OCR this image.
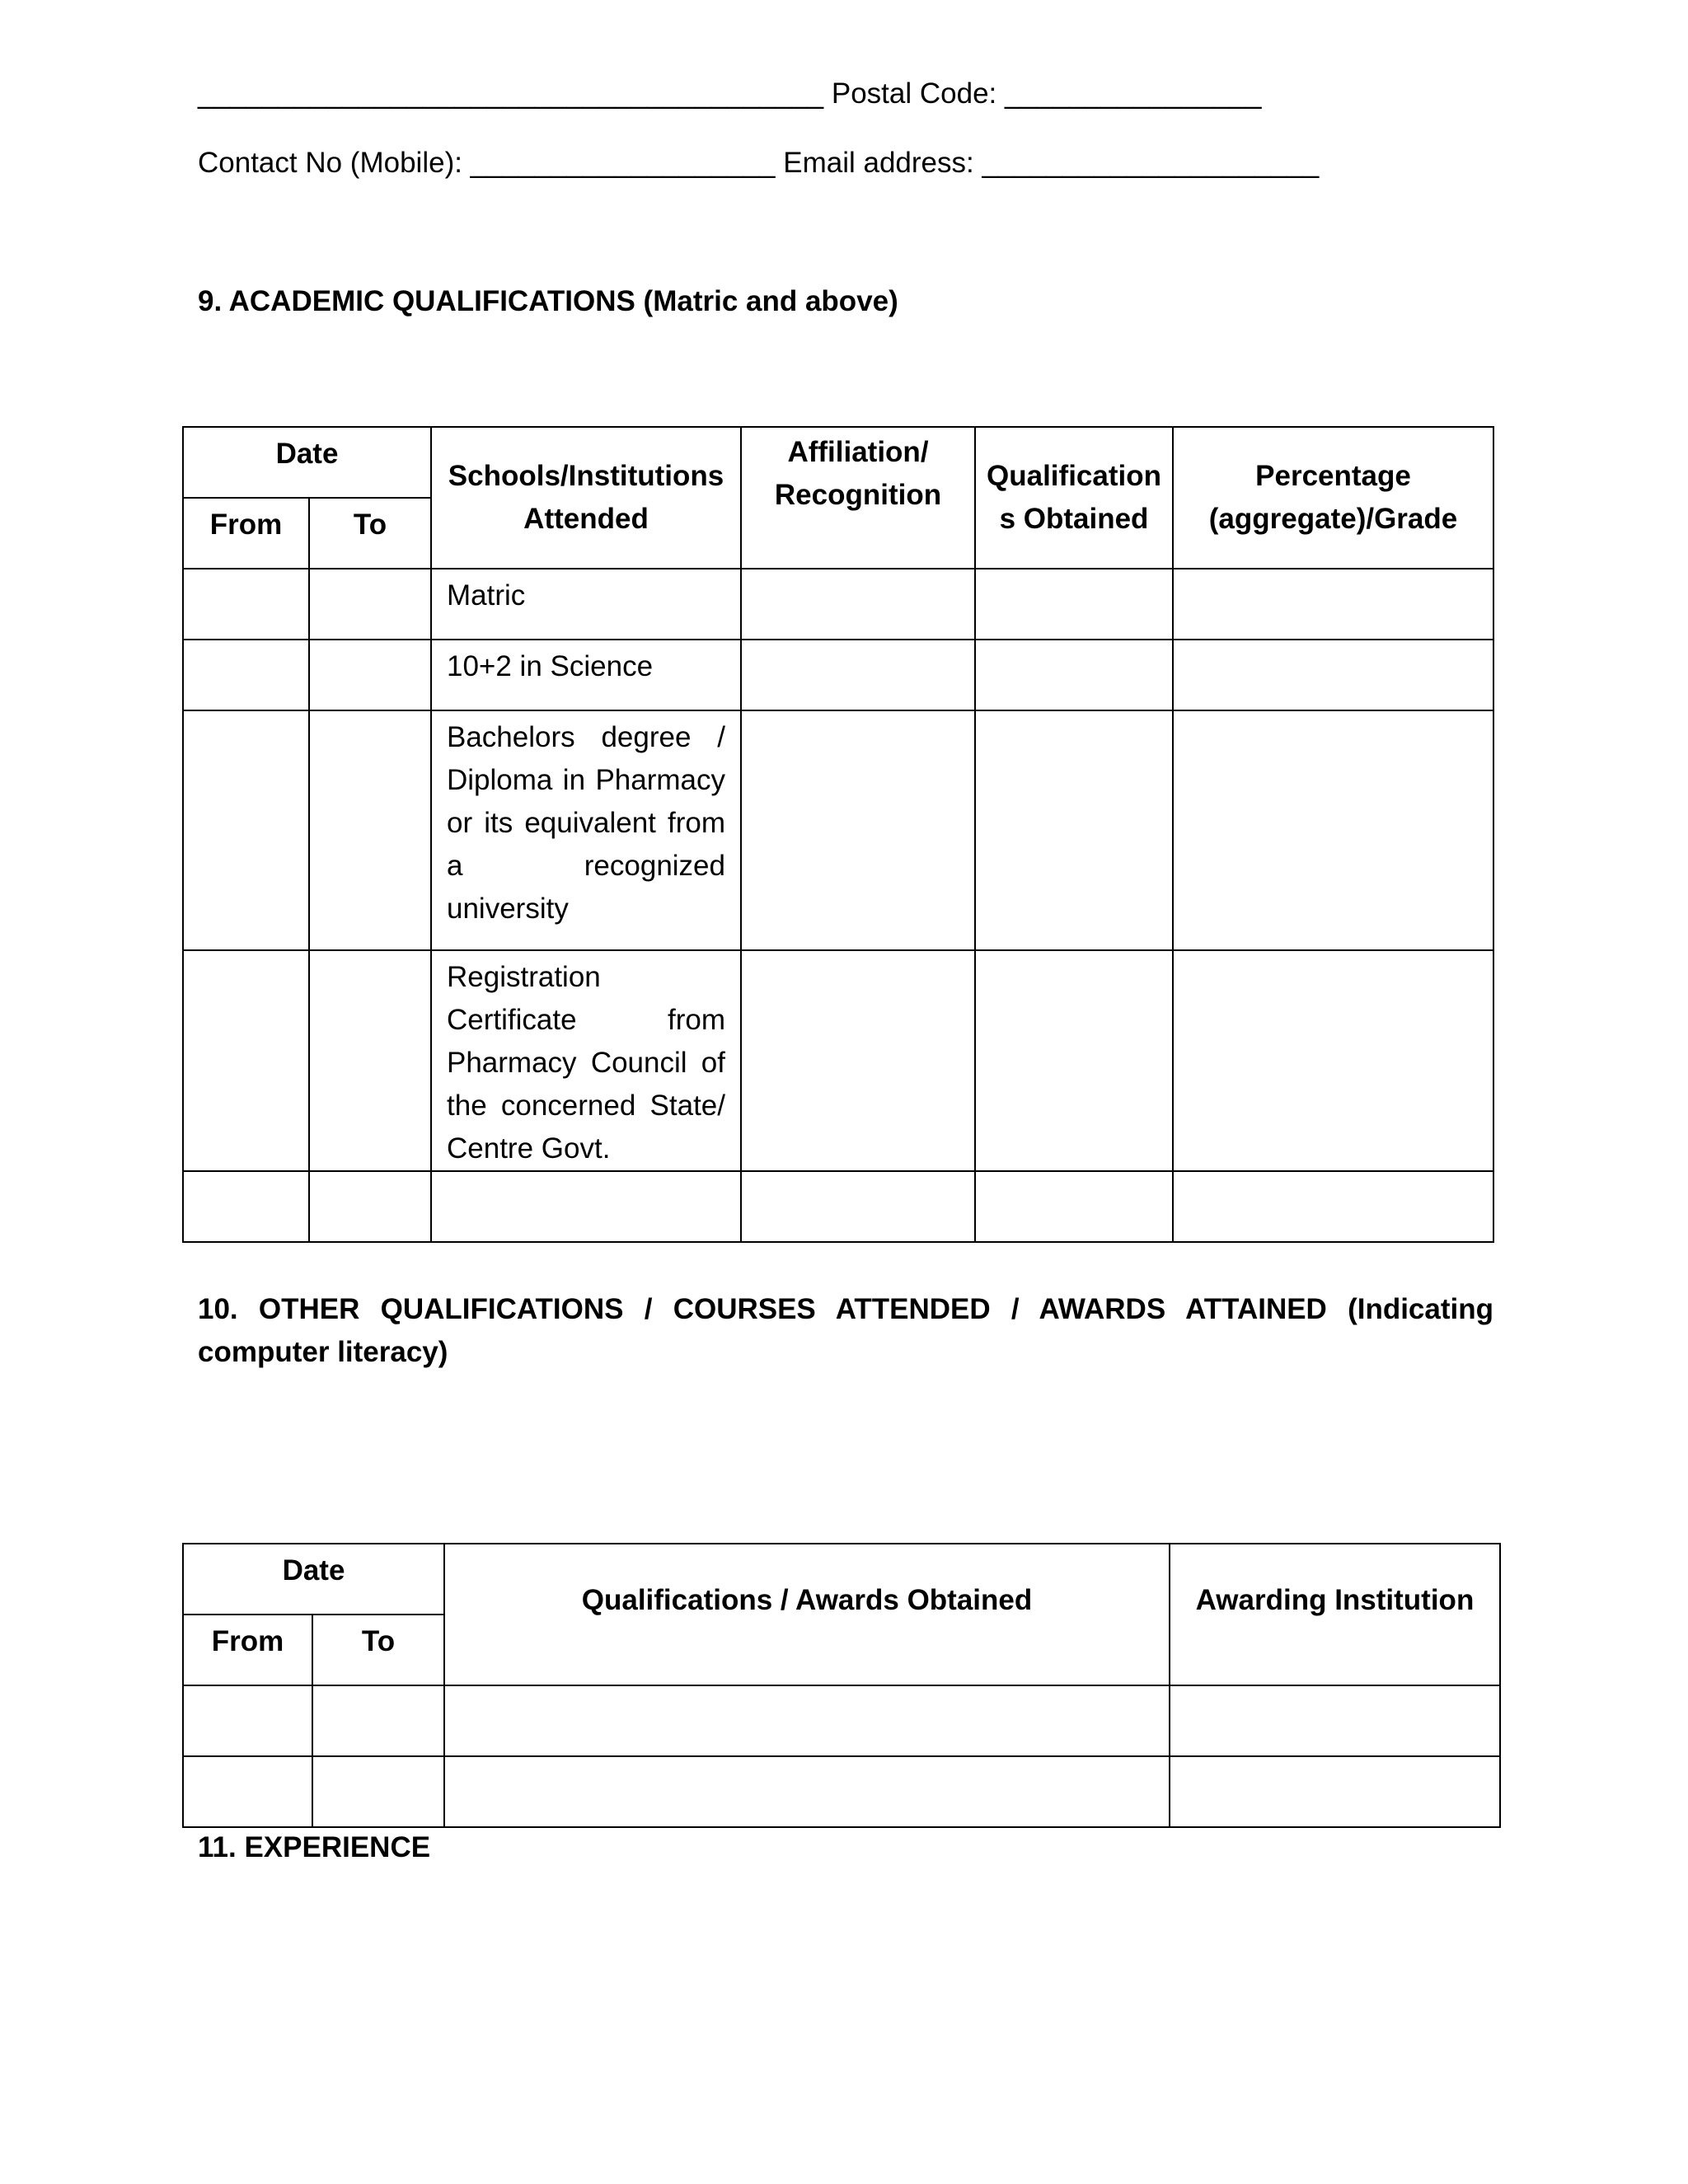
_______________________________________ Postal Code: ________________
Contact No (Mobile): ___________________ Email address: _____________________
9. ACADEMIC QUALIFICATIONS (Matric and above)
Date		Schools/Institutions Attended	Affiliation/ Recognition	Qualification s Obtained	Percentage (aggregate)/Grade
From	To				

		Matric			

		10+2 in Science			

		Bachelors degree / Diploma in Pharmacy or its equivalent from a recognized university			

		Registration Certificate from Pharmacy Council of the concerned State/ Centre Govt.			

10. OTHER QUALIFICATIONS / COURSES ATTENDED / AWARDS ATTAINED (Indicating computer literacy)
Date		Qualifications / Awards Obtained	Awarding Institution
From	To		

11. EXPERIENCE
